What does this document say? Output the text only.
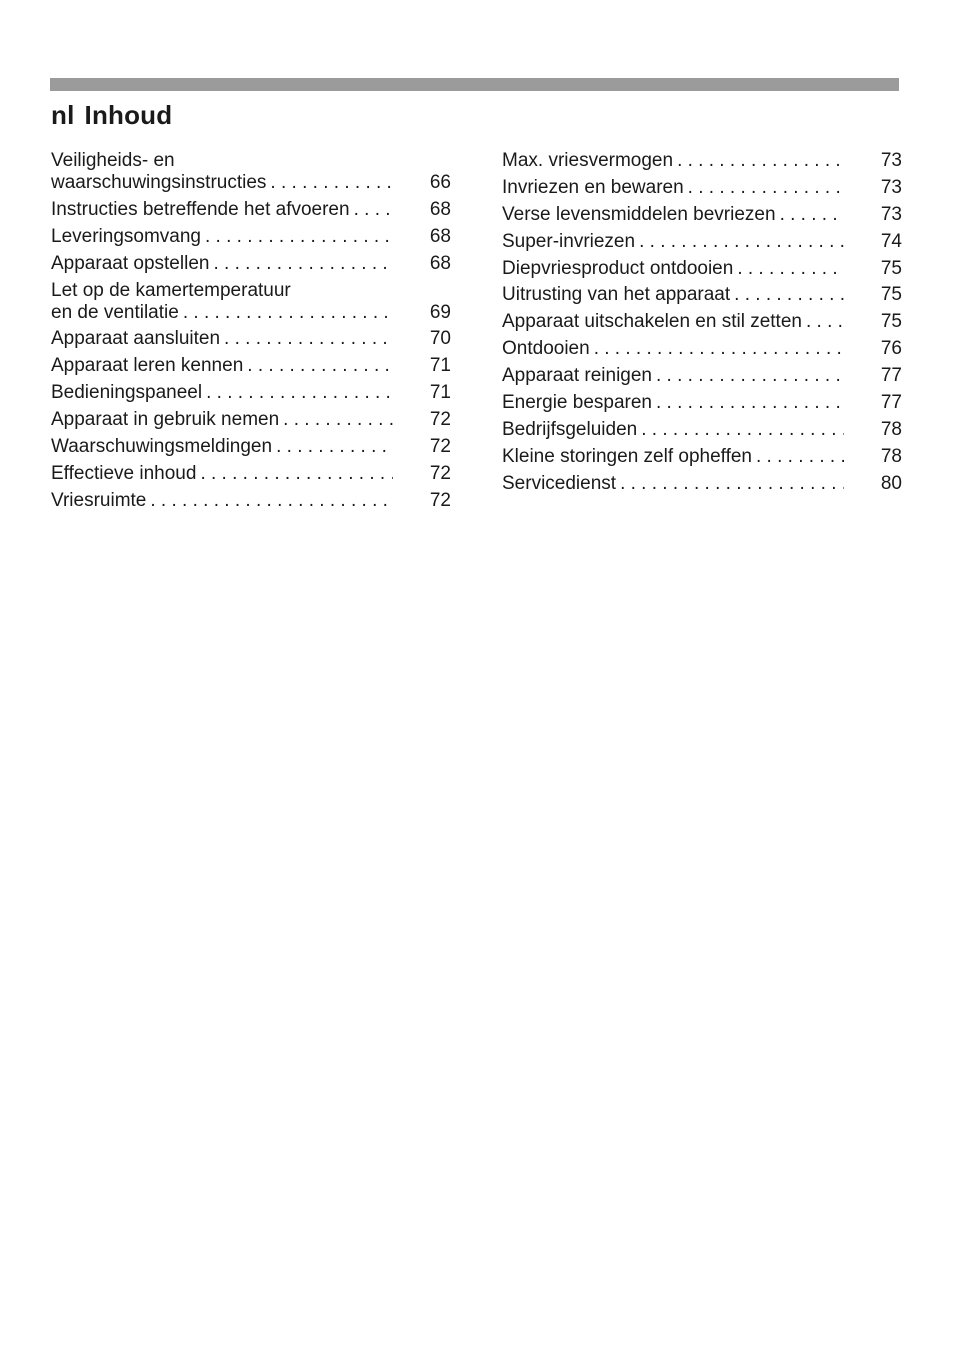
nl Inhoud
Veiligheids- en
waarschuwingsinstructies . . .	66
Instructies betreffende het afvoeren . . .	68
Leveringsomvang . . .	68
Apparaat opstellen . . .	68
Let op de kamertemperatuur
en de ventilatie . . .	69
Apparaat aansluiten . . .	70
Apparaat leren kennen . . .	71
Bedieningspaneel . . .	71
Apparaat in gebruik nemen . . .	72
Waarschuwingsmeldingen . . .	72
Effectieve inhoud . . .	72
Vriesruimte . . .	72
Max. vriesvermogen . . .	73
Invriezen en bewaren . . .	73
Verse levensmiddelen bevriezen . . .	73
Super-invriezen . . .	74
Diepvriesproduct ontdooien . . .	75
Uitrusting van het apparaat . . .	75
Apparaat uitschakelen en stil zetten . . .	75
Ontdooien . . .	76
Apparaat reinigen . . .	77
Energie besparen . . .	77
Bedrijfsgeluiden . . .	78
Kleine storingen zelf opheffen . . .	78
Servicedienst . . .	80
